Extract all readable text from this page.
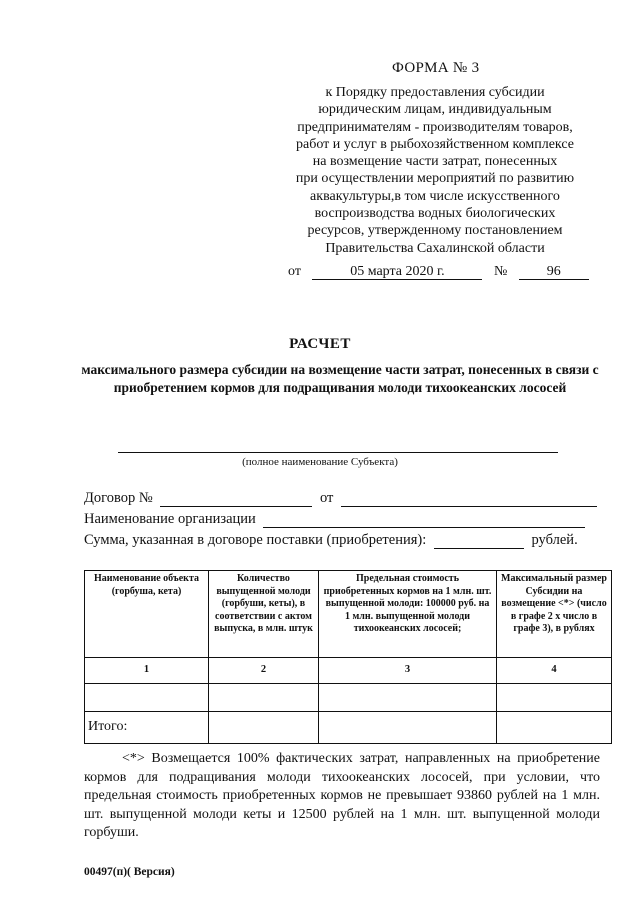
ФОРМА № 3
к Порядку предоставления субсидии
юридическим лицам, индивидуальным
предпринимателям - производителям товаров,
работ и услуг в рыбохозяйственном комплексе
на возмещение части затрат, понесенных
при осуществлении мероприятий по развитию
аквакультуры,в том числе искусственного
воспроизводства водных биологических
ресурсов, утвержденному постановлением
Правительства Сахалинской области
от	05 марта 2020 г.	№	96
РАСЧЕТ
максимального размера субсидии на возмещение части затрат, понесенных в связи с приобретением кормов для подращивания молоди тихоокеанских лососей
(полное наименование Субъекта)
Договор №	от
Наименование организации
Сумма, указанная в договоре поставки (приобретения):	рублей.
Наименование объекта (горбуша, кета)	Количество выпущенной молоди (горбуши, кеты), в соответствии с актом выпуска, в млн. штук	Предельная стоимость приобретенных кормов на 1 млн. шт. выпущенной молоди: 100000 руб. на 1 млн. выпущенной молоди тихоокеанских лососей;	Максимальный размер Субсидии на возмещение <*> (число в графе 2 х число в графе 3), в рублях
1	2	3	4

Итого:			
<*> Возмещается 100% фактических затрат, направленных на приобретение кормов для подращивания молоди тихоокеанских лососей, при условии, что предельная стоимость приобретенных кормов не превышает 93860 рублей на 1 млн. шт. выпущенной молоди кеты и 12500 рублей на 1 млн. шт. выпущенной молоди горбуши.
00497(п)( Версия)
